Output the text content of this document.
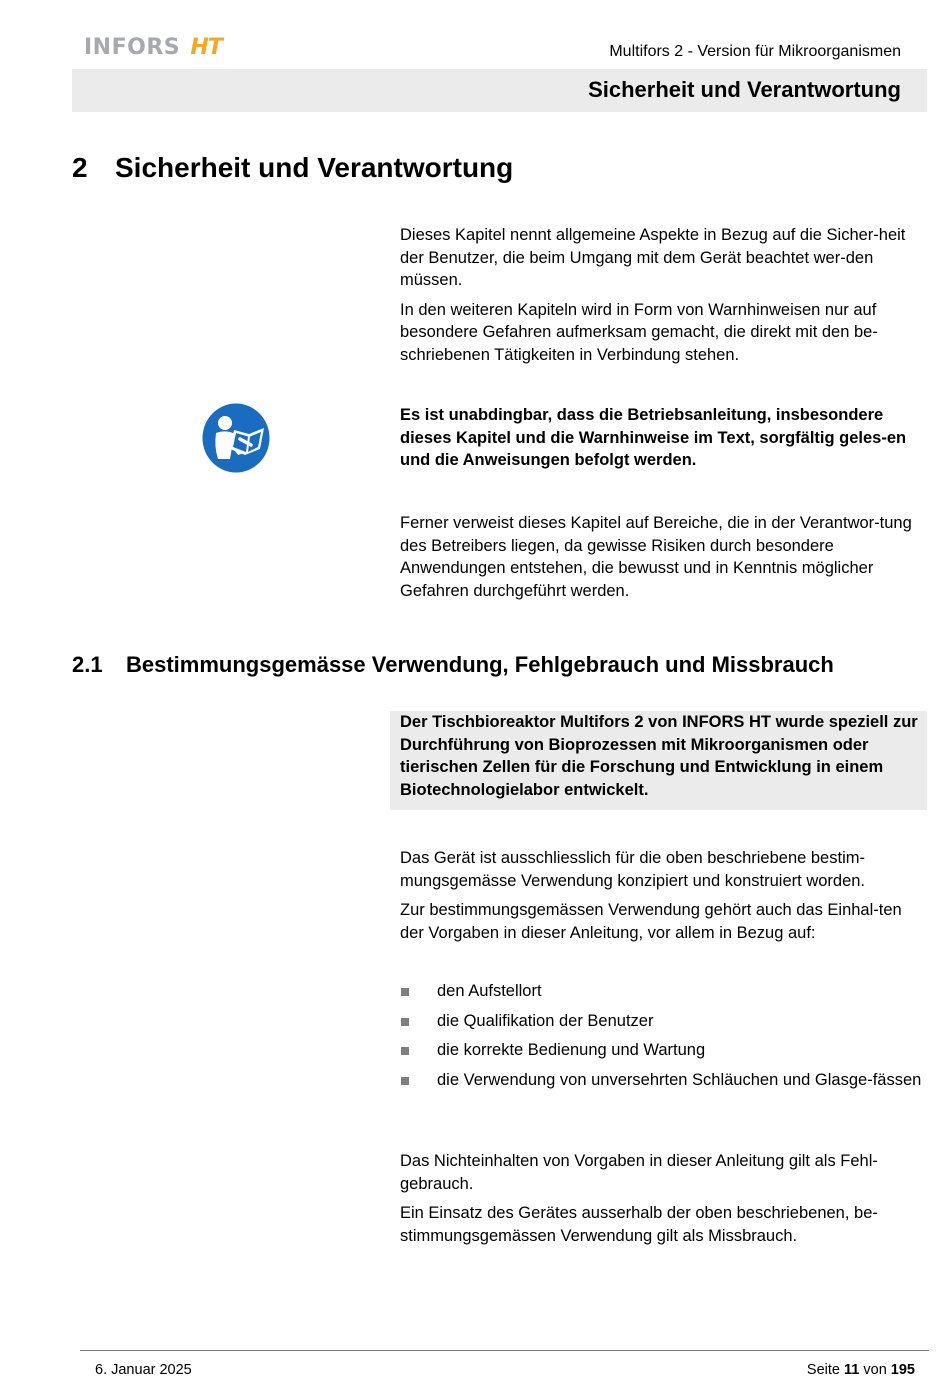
INFORS HT	Multifors 2 - Version für Mikroorganismen
Sicherheit und Verantwortung
2 Sicherheit und Verantwortung

Dieses Kapitel nennt allgemeine Aspekte in Bezug auf die Sicher-heit der Benutzer, die beim Umgang mit dem Gerät beachtet wer-den müssen.

In den weiteren Kapiteln wird in Form von Warnhinweisen nur auf besondere Gefahren aufmerksam gemacht, die direkt mit den be-schriebenen Tätigkeiten in Verbindung stehen.

Es ist unabdingbar, dass die Betriebsanleitung, insbesondere dieses Kapitel und die Warnhinweise im Text, sorgfältig geles-en und die Anweisungen befolgt werden.
Ferner verweist dieses Kapitel auf Bereiche, die in der Verantwor-tung des Betreibers liegen, da gewisse Risiken durch besondere Anwendungen entstehen, die bewusst und in Kenntnis möglicher Gefahren durchgeführt werden.
2.1 Bestimmungsgemässe Verwendung, Fehlgebrauch und Missbrauch
Der Tischbioreaktor Multifors 2 von INFORS HT wurde speziell zur Durchführung von Bioprozessen mit Mikroorganismen oder tierischen Zellen für die Forschung und Entwicklung in einem Biotechnologielabor entwickelt.

Das Gerät ist ausschliesslich für die oben beschriebene bestim-mungsgemässe Verwendung konzipiert und konstruiert worden.

Zur bestimmungsgemässen Verwendung gehört auch das Einhal-ten der Vorgaben in dieser Anleitung, vor allem in Bezug auf:

den Aufstellort
die Qualifikation der Benutzer
die korrekte Bedienung und Wartung
die Verwendung von unversehrten Schläuchen und Glasge-fässen

Das Nichteinhalten von Vorgaben in dieser Anleitung gilt als Fehl-gebrauch.

Ein Einsatz des Gerätes ausserhalb der oben beschriebenen, be-stimmungsgemässen Verwendung gilt als Missbrauch.

6. Januar 2025	Seite 11 von 195
